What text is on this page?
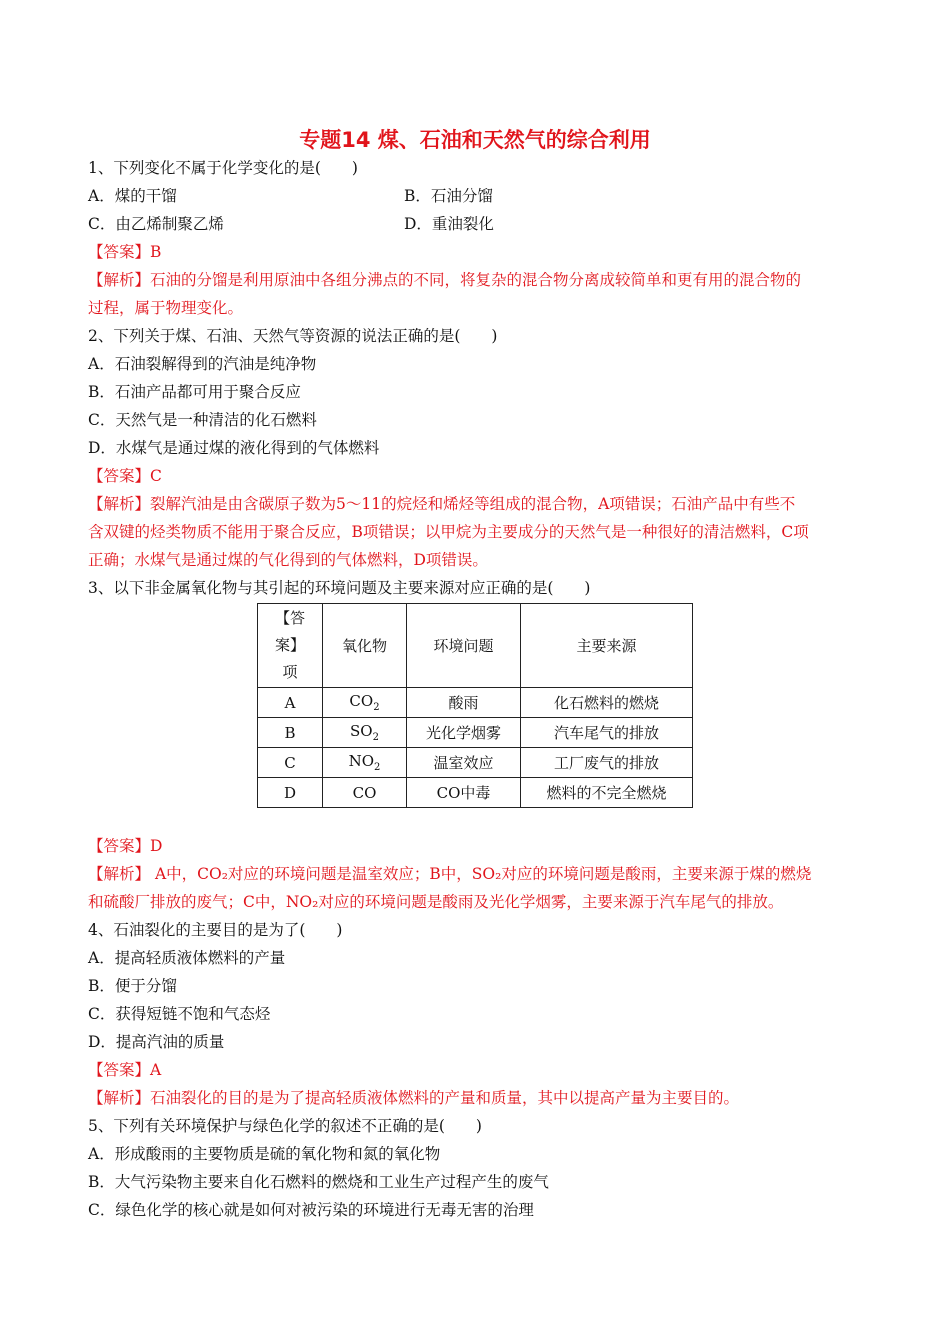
专题14 煤、石油和天然气的综合利用
1、下列变化不属于化学变化的是(　　)
A．煤的干馏	B．石油分馏
C．由乙烯制聚乙烯	D．重油裂化
【答案】B
【解析】石油的分馏是利用原油中各组分沸点的不同，将复杂的混合物分离成较简单和更有用的混合物的
过程，属于物理变化。
2、下列关于煤、石油、天然气等资源的说法正确的是(　　)
A．石油裂解得到的汽油是纯净物
B．石油产品都可用于聚合反应
C．天然气是一种清洁的化石燃料
D．水煤气是通过煤的液化得到的气体燃料
【答案】C
【解析】裂解汽油是由含碳原子数为5～11的烷烃和烯烃等组成的混合物，A项错误；石油产品中有些不
含双键的烃类物质不能用于聚合反应，B项错误；以甲烷为主要成分的天然气是一种很好的清洁燃料，C项
正确；水煤气是通过煤的气化得到的气体燃料，D项错误。
3、以下非金属氧化物与其引起的环境问题及主要来源对应正确的是(　　)
【答案】项	氧化物	环境问题	主要来源
A	$CO_2$	酸雨	化石燃料的燃烧
B	$SO_2$	光化学烟雾	汽车尾气的排放
C	$NO_2$	温室效应	工厂废气的排放
D	CO	CO中毒	燃料的不完全燃烧
【答案】D
【解析】 A中，CO₂对应的环境问题是温室效应；B中，SO₂对应的环境问题是酸雨，主要来源于煤的燃烧
和硫酸厂排放的废气；C中，NO₂对应的环境问题是酸雨及光化学烟雾，主要来源于汽车尾气的排放。
4、石油裂化的主要目的是为了(　　)
A．提高轻质液体燃料的产量
B．便于分馏
C．获得短链不饱和气态烃
D．提高汽油的质量
【答案】A
【解析】石油裂化的目的是为了提高轻质液体燃料的产量和质量，其中以提高产量为主要目的。
5、下列有关环境保护与绿色化学的叙述不正确的是(　　)
A．形成酸雨的主要物质是硫的氧化物和氮的氧化物
B．大气污染物主要来自化石燃料的燃烧和工业生产过程产生的废气
C．绿色化学的核心就是如何对被污染的环境进行无毒无害的治理
